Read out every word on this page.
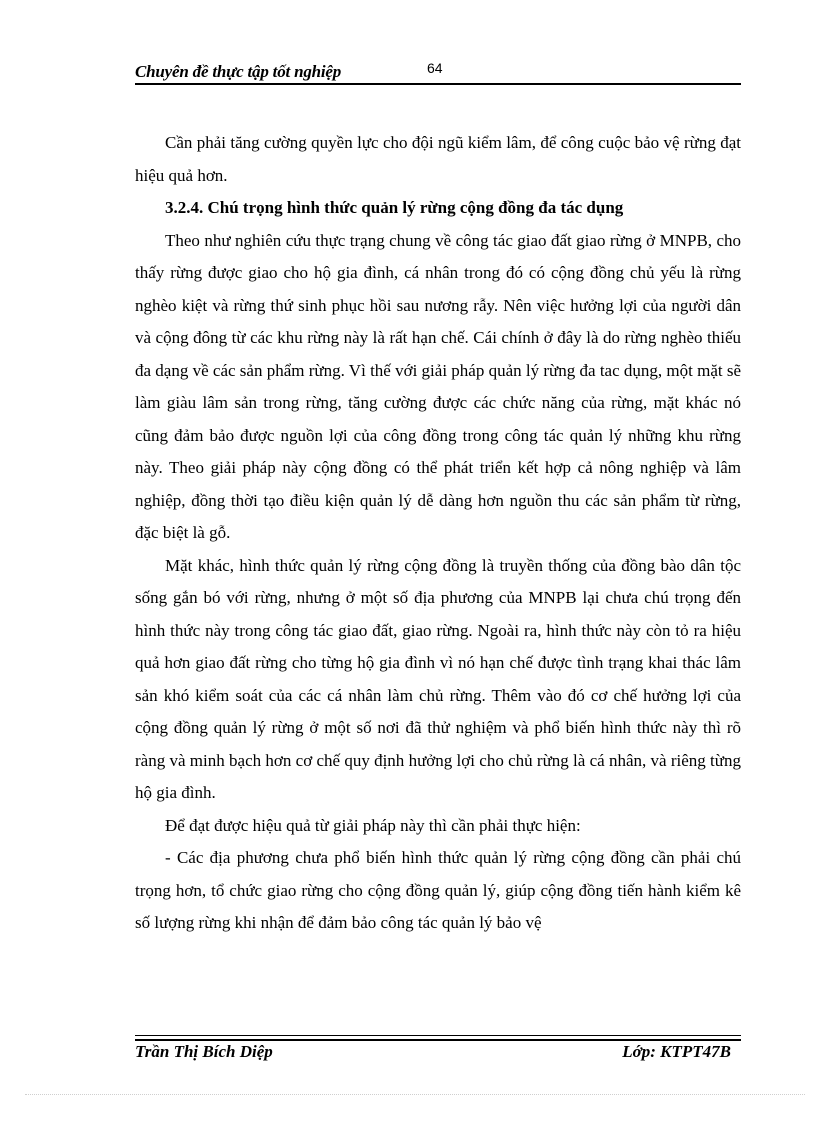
Chuyên đề thực tập tốt nghiệp	64

Cần phải tăng cường quyền lực cho đội ngũ kiểm lâm, để công cuộc bảo vệ rừng đạt hiệu quả hơn.

3.2.4. Chú trọng hình thức quản lý rừng cộng đồng đa tác dụng

Theo như nghiên cứu thực trạng chung về công tác giao đất giao rừng ở MNPB, cho thấy rừng được giao cho hộ gia đình, cá nhân trong đó có cộng đồng chủ yếu là rừng nghèo kiệt và rừng thứ sinh phục hồi sau nương rẫy. Nên việc hưởng lợi của người dân và cộng đông từ các khu rừng này là rất hạn chế. Cái chính ở đây là do rừng nghèo thiếu đa dạng về các sản phẩm rừng. Vì thế với giải pháp quản lý rừng đa tac dụng, một mặt sẽ làm giàu lâm sản trong rừng, tăng cường được các chức năng của rừng, mặt khác nó cũng đảm bảo được nguồn lợi của công đồng trong công tác quản lý những khu rừng này. Theo giải pháp này cộng đồng có thể phát triển kết hợp cả nông nghiệp và lâm nghiệp, đồng thời tạo điều kiện quản lý dễ dàng hơn nguồn thu các sản phẩm từ rừng, đặc biệt là gỗ.

Mặt khác, hình thức quản lý rừng cộng đồng là truyền thống của đồng bào dân tộc sống gắn bó với rừng, nhưng ở một số địa phương của MNPB lại chưa chú trọng đến hình thức này trong công tác giao đất, giao rừng. Ngoài ra, hình thức này còn tỏ ra hiệu quả hơn giao đất rừng cho từng hộ gia đình vì nó hạn chế được tình trạng khai thác lâm sản khó kiểm soát của các cá nhân làm chủ rừng. Thêm vào đó cơ chế hưởng lợi của cộng đồng quản lý rừng ở một số nơi đã thử nghiệm và phổ biến hình thức này thì rõ ràng và minh bạch hơn cơ chế quy định hưởng lợi cho chủ rừng là cá nhân, và riêng từng hộ gia đình.

Để đạt được hiệu quả từ giải pháp này thì cần phải thực hiện:

- Các địa phương chưa phổ biến hình thức quản lý rừng cộng đồng cần phải chú trọng hơn, tổ chức giao rừng cho cộng đồng quản lý, giúp cộng đồng tiến hành kiểm kê số lượng rừng khi nhận để đảm bảo công tác quản lý bảo vệ

Trần Thị Bích Diệp	Lớp: KTPT47B
